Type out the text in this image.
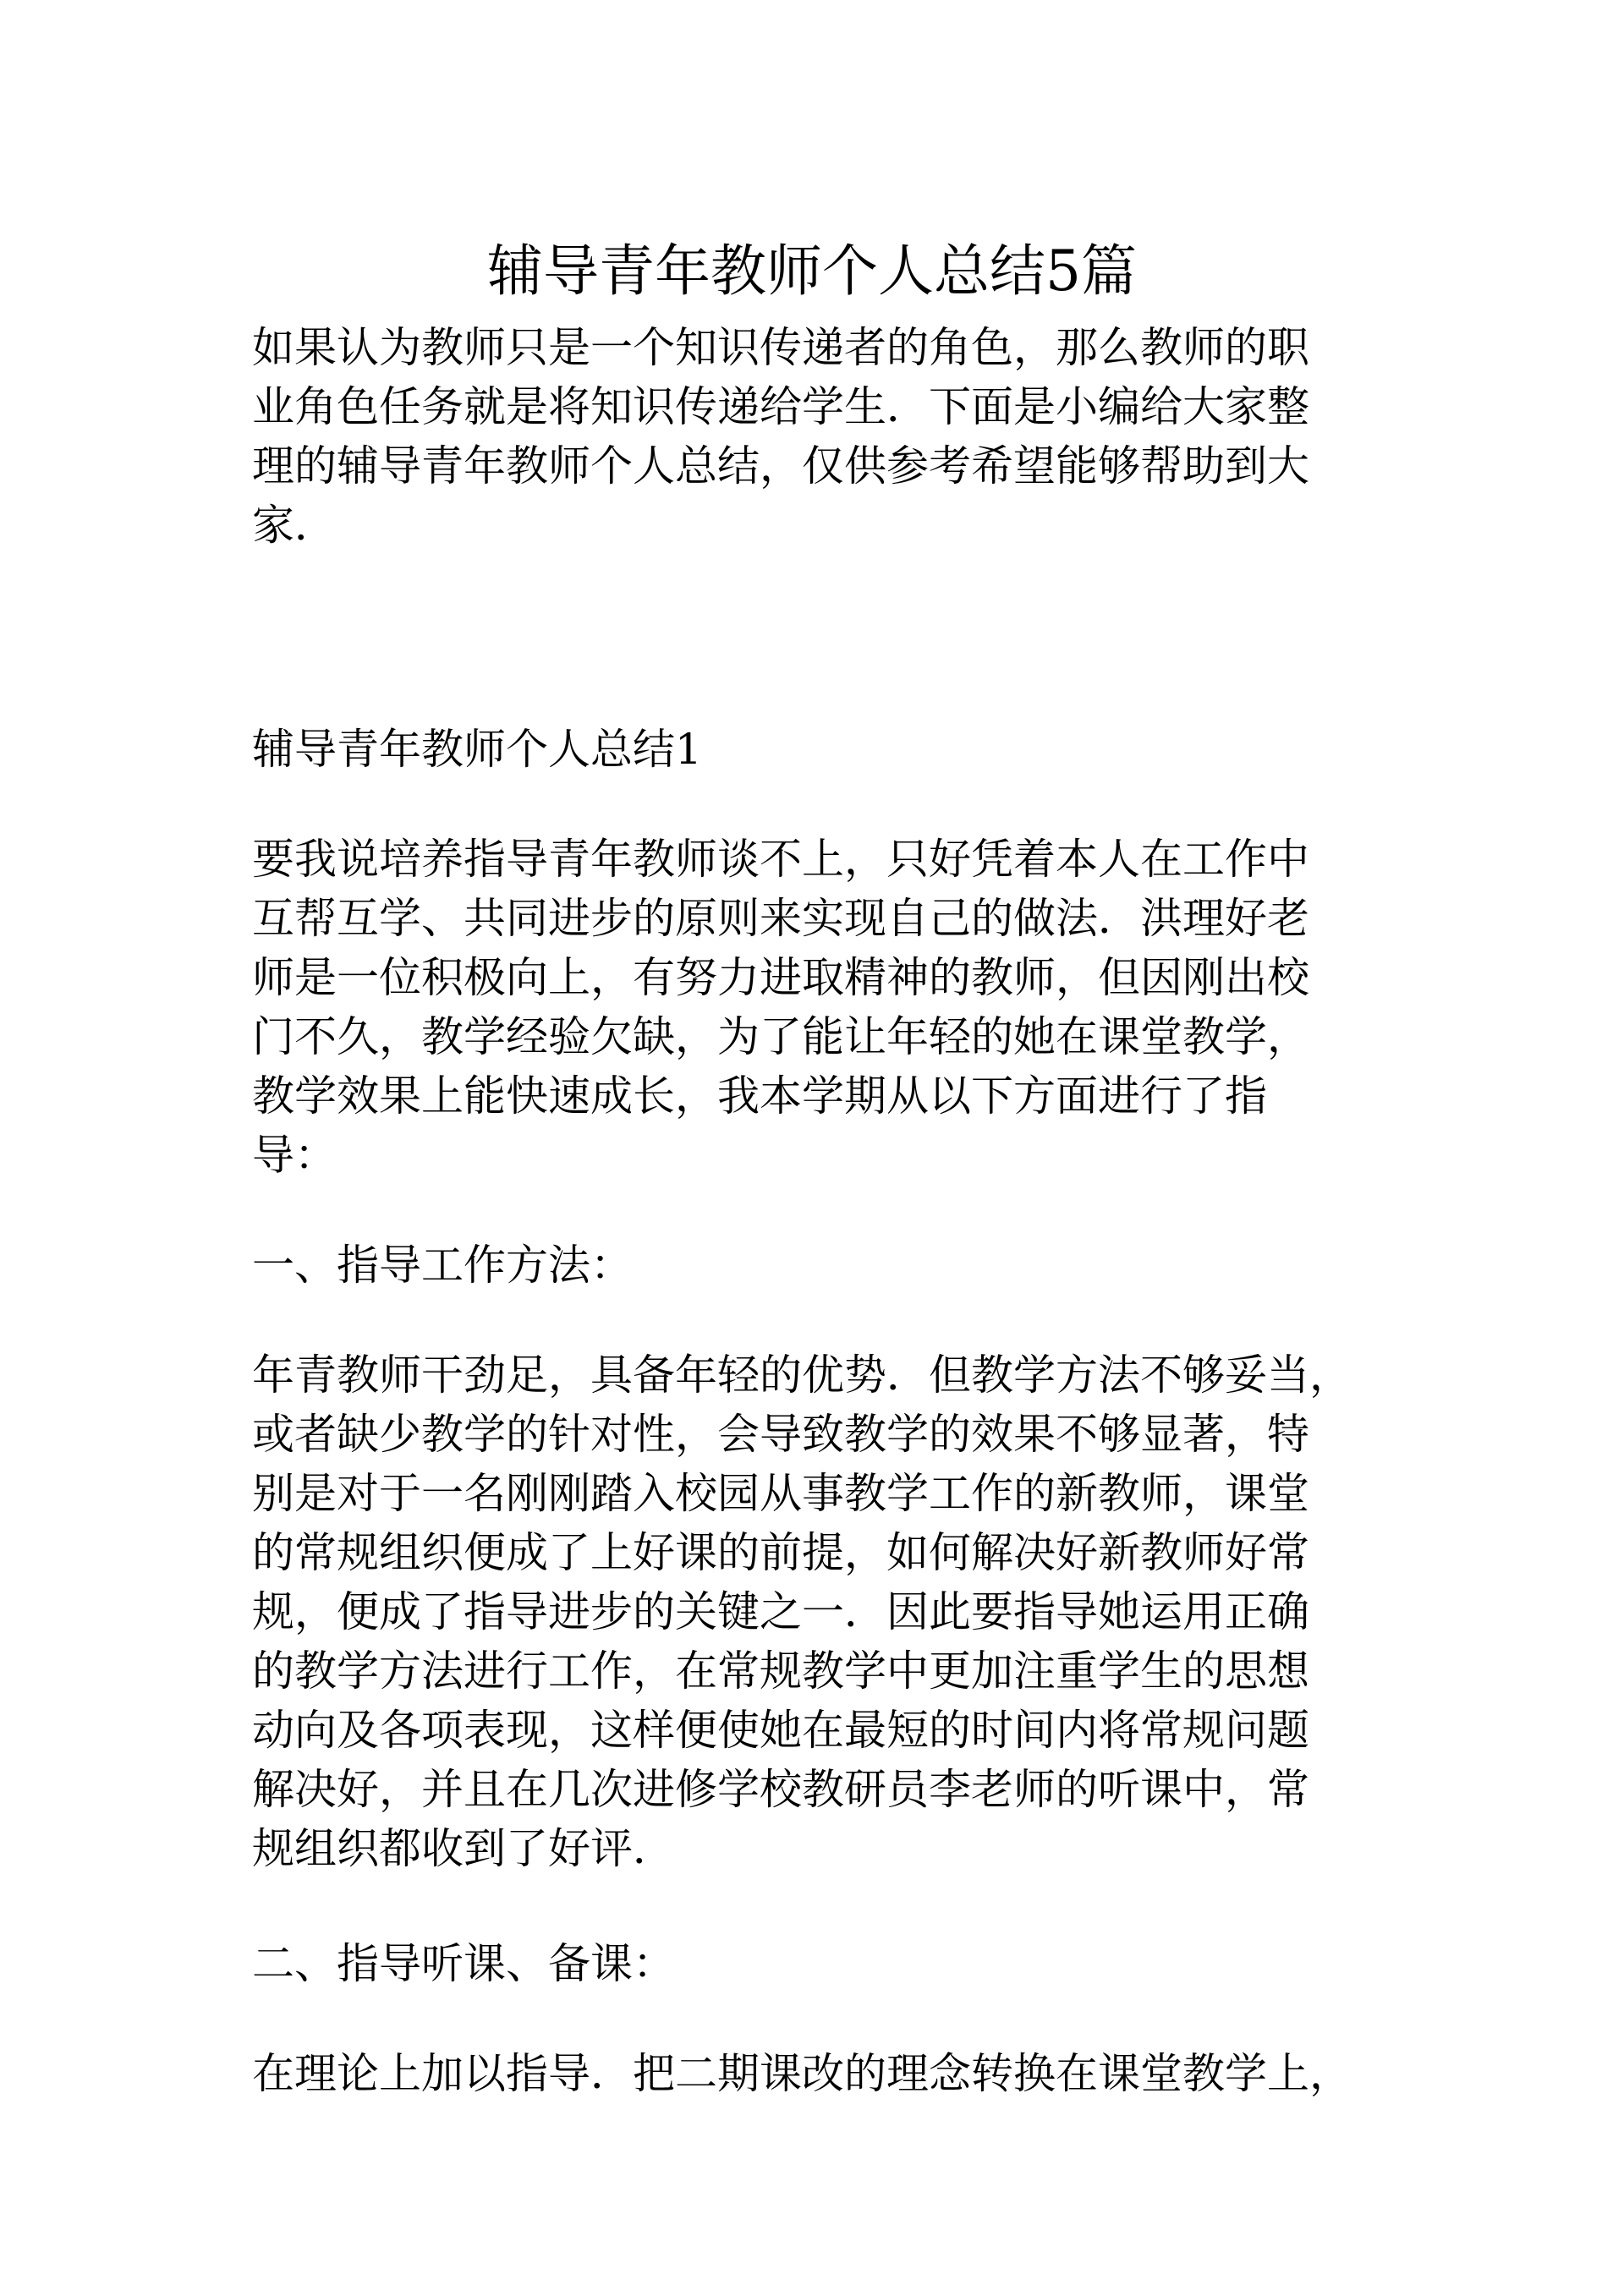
辅导青年教师个人总结5篇
如果认为教师只是一个知识传递者的角色，那么教师的职
业角色任务就是将知识传递给学生．下面是小编给大家整
理的辅导青年教师个人总结，仅供参考希望能够帮助到大
家．
辅导青年教师个人总结1
要我说培养指导青年教师谈不上，只好凭着本人在工作中
互帮互学、共同进步的原则来实现自己的做法．洪理好老
师是一位积极向上，有努力进取精神的教师，但因刚出校
门不久，教学经验欠缺，为了能让年轻的她在课堂教学，
教学效果上能快速成长，我本学期从以下方面进行了指
导：
一、指导工作方法：
年青教师干劲足，具备年轻的优势．但教学方法不够妥当，
或者缺少教学的针对性，会导致教学的效果不够显著，特
别是对于一名刚刚踏入校园从事教学工作的新教师，课堂
的常规组织便成了上好课的前提，如何解决好新教师好常
规，便成了指导进步的关键之一．因此要指导她运用正确
的教学方法进行工作，在常规教学中更加注重学生的思想
动向及各项表现，这样便使她在最短的时间内将常规问题
解决好，并且在几次进修学校教研员李老师的听课中，常
规组织都收到了好评．
二、指导听课、备课：
在理论上加以指导．把二期课改的理念转换在课堂教学上，
